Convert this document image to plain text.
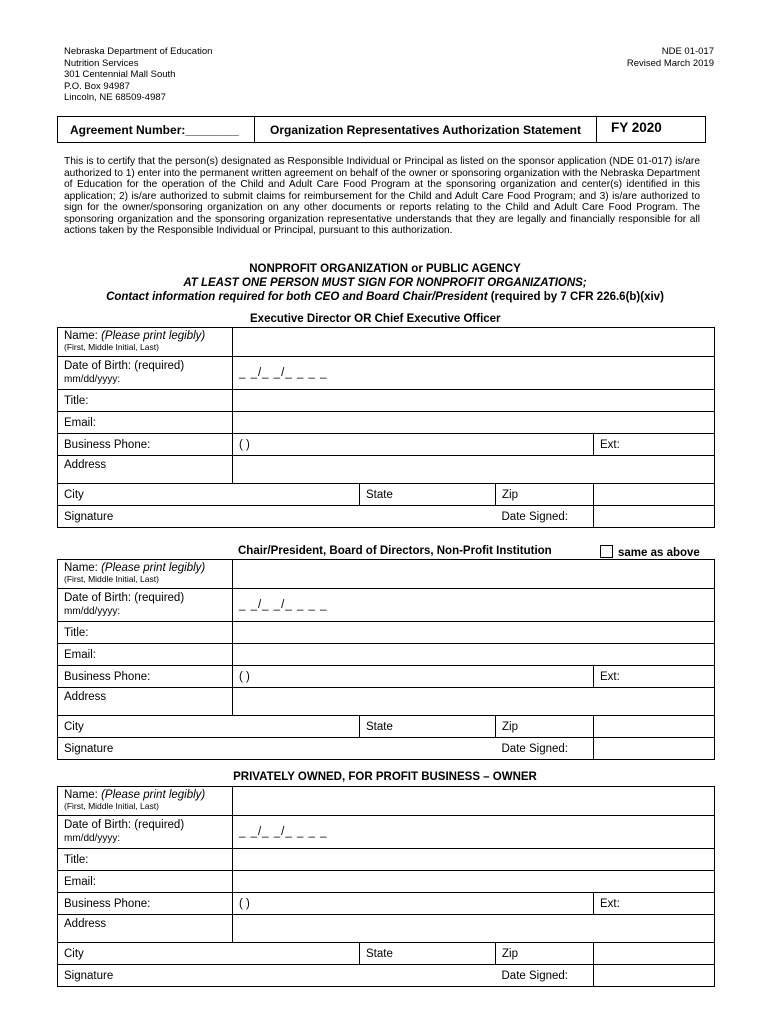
Nebraska Department of Education
Nutrition Services
301 Centennial Mall South
P.O. Box 94987
Lincoln, NE 68509-4987
NDE 01-017
Revised March 2019
Agreement Number:________	Organization Representatives Authorization Statement	FY 2020
This is to certify that the person(s) designated as Responsible Individual or Principal as listed on the sponsor application (NDE 01-017) is/are authorized to 1) enter into the permanent written agreement on behalf of the owner or sponsoring organization with the Nebraska Department of Education for the operation of the Child and Adult Care Food Program at the sponsoring organization and center(s) identified in this application; 2) is/are authorized to submit claims for reimbursement for the Child and Adult Care Food Program; and 3) is/are authorized to sign for the owner/sponsoring organization on any other documents or reports relating to the Child and Adult Care Food Program. The sponsoring organization and the sponsoring organization representative understands that they are legally and financially responsible for all actions taken by the Responsible Individual or Principal, pursuant to this authorization.
NONPROFIT ORGANIZATION or PUBLIC AGENCY
AT LEAST ONE PERSON MUST SIGN FOR NONPROFIT ORGANIZATIONS;
Contact information required for both CEO and Board Chair/President (required by 7 CFR 226.6(b)(xiv)
Executive Director OR Chief Executive Officer
Name: (Please print legibly)
(First, Middle Initial, Last)				
Date of Birth: (required)
mm/dd/yyyy:	_ _/_ _/_ _ _ _			
Title:				
Email:				
Business Phone:	( )			Ext:
Address				
City		State	Zip	
Signature			Date Signed:	
Chair/President, Board of Directors, Non-Profit Institution	same as above
Name: (Please print legibly)
(First, Middle Initial, Last)				
Date of Birth: (required)
mm/dd/yyyy:	_ _/_ _/_ _ _ _			
Title:				
Email:				
Business Phone:	( )			Ext:
Address				
City		State	Zip	
Signature			Date Signed:	
PRIVATELY OWNED, FOR PROFIT BUSINESS – OWNER
Name: (Please print legibly)
(First, Middle Initial, Last)				
Date of Birth: (required)
mm/dd/yyyy:	_ _/_ _/_ _ _ _			
Title:				
Email:				
Business Phone:	( )			Ext:
Address				
City		State	Zip	
Signature			Date Signed:	
